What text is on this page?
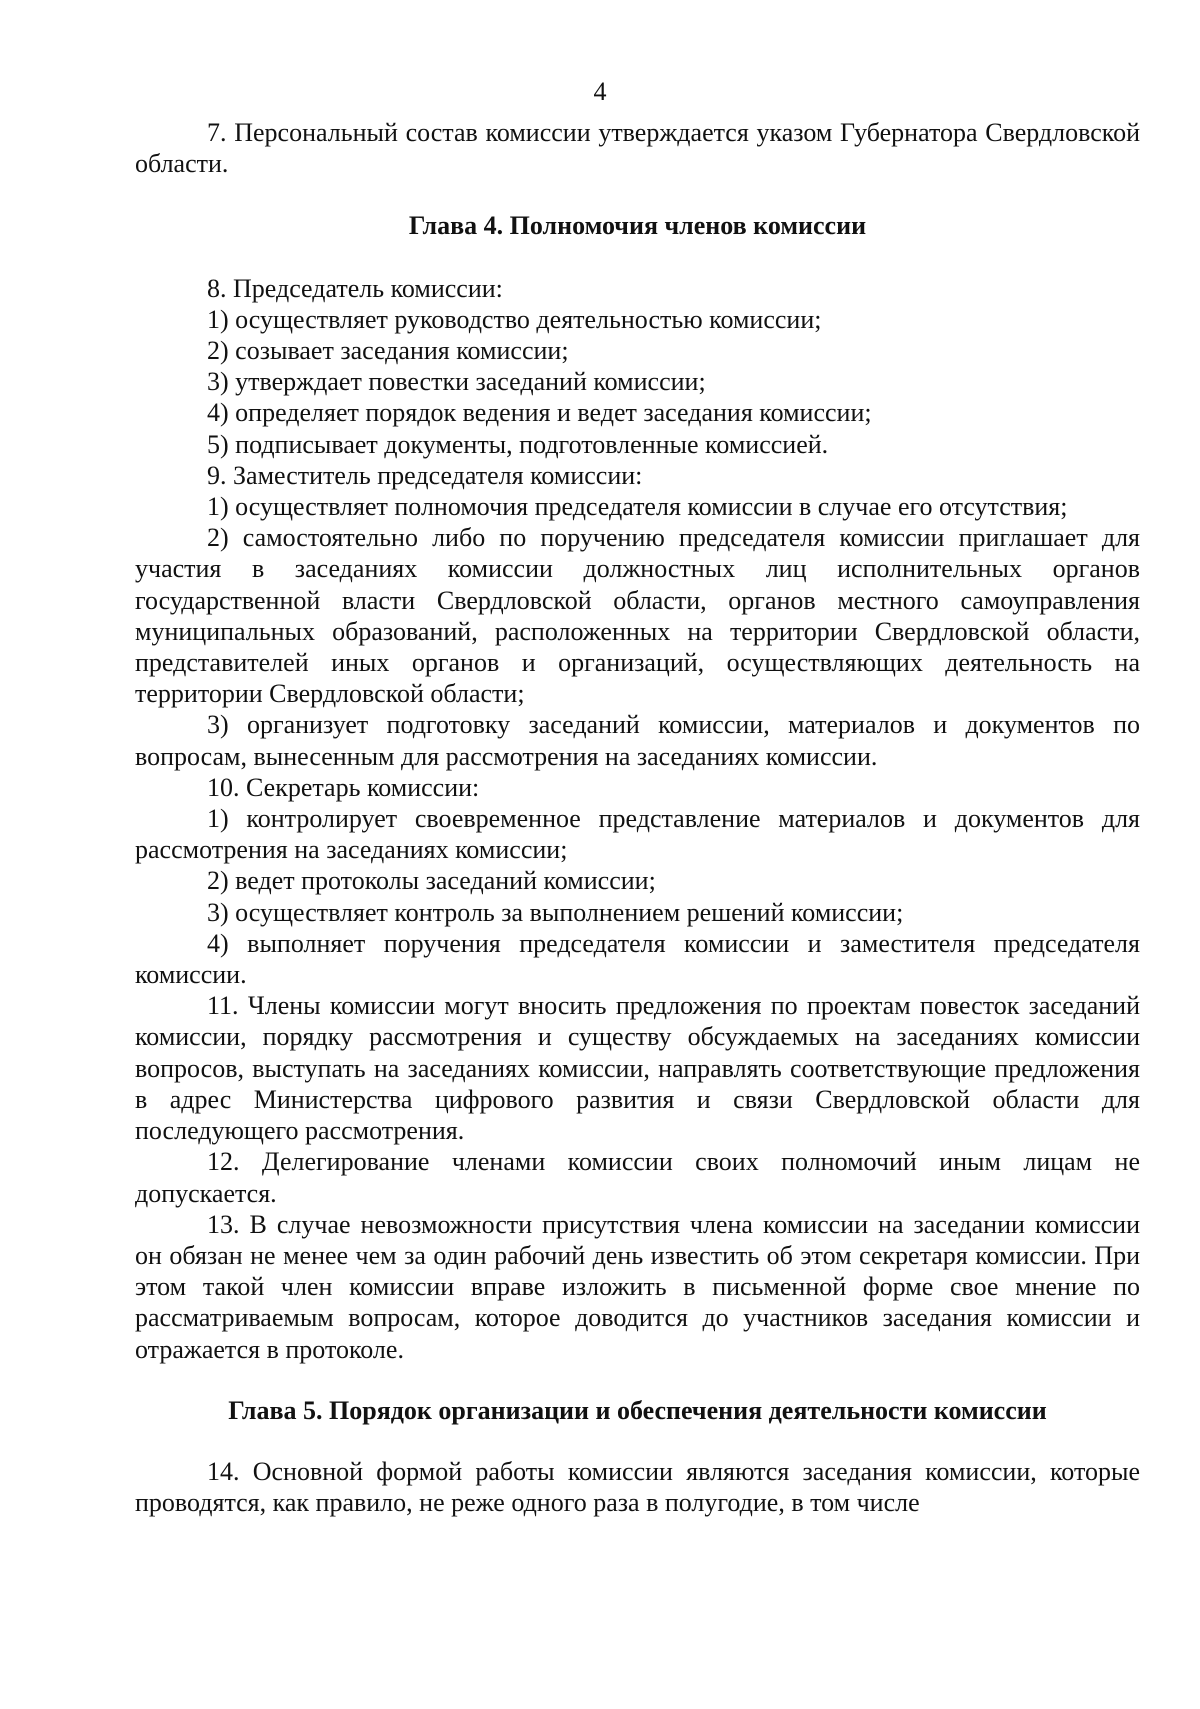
4

7. Персональный состав комиссии утверждается указом Губернатора Свердловской области.

Глава 4. Полномочия членов комиссии

8. Председатель комиссии:

1) осуществляет руководство деятельностью комиссии;

2) созывает заседания комиссии;

3) утверждает повестки заседаний комиссии;

4) определяет порядок ведения и ведет заседания комиссии;

5) подписывает документы, подготовленные комиссией.

9. Заместитель председателя комиссии:

1) осуществляет полномочия председателя комиссии в случае его отсутствия;

2) самостоятельно либо по поручению председателя комиссии приглашает для участия в заседаниях комиссии должностных лиц исполнительных органов государственной власти Свердловской области, органов местного самоуправления муниципальных образований, расположенных на территории Свердловской области, представителей иных органов и организаций, осуществляющих деятельность на территории Свердловской области;

3) организует подготовку заседаний комиссии, материалов и документов по вопросам, вынесенным для рассмотрения на заседаниях комиссии.

10. Секретарь комиссии:

1) контролирует своевременное представление материалов и документов для рассмотрения на заседаниях комиссии;

2) ведет протоколы заседаний комиссии;

3) осуществляет контроль за выполнением решений комиссии;

4) выполняет поручения председателя комиссии и заместителя председателя комиссии.

11. Члены комиссии могут вносить предложения по проектам повесток заседаний комиссии, порядку рассмотрения и существу обсуждаемых на заседаниях комиссии вопросов, выступать на заседаниях комиссии, направлять соответствующие предложения в адрес Министерства цифрового развития и связи Свердловской области для последующего рассмотрения.

12. Делегирование членами комиссии своих полномочий иным лицам не допускается.

13. В случае невозможности присутствия члена комиссии на заседании комиссии он обязан не менее чем за один рабочий день известить об этом секретаря комиссии. При этом такой член комиссии вправе изложить в письменной форме свое мнение по рассматриваемым вопросам, которое доводится до участников заседания комиссии и отражается в протоколе.

Глава 5. Порядок организации и обеспечения деятельности комиссии

14. Основной формой работы комиссии являются заседания комиссии, которые проводятся, как правило, не реже одного раза в полугодие, в том числе
